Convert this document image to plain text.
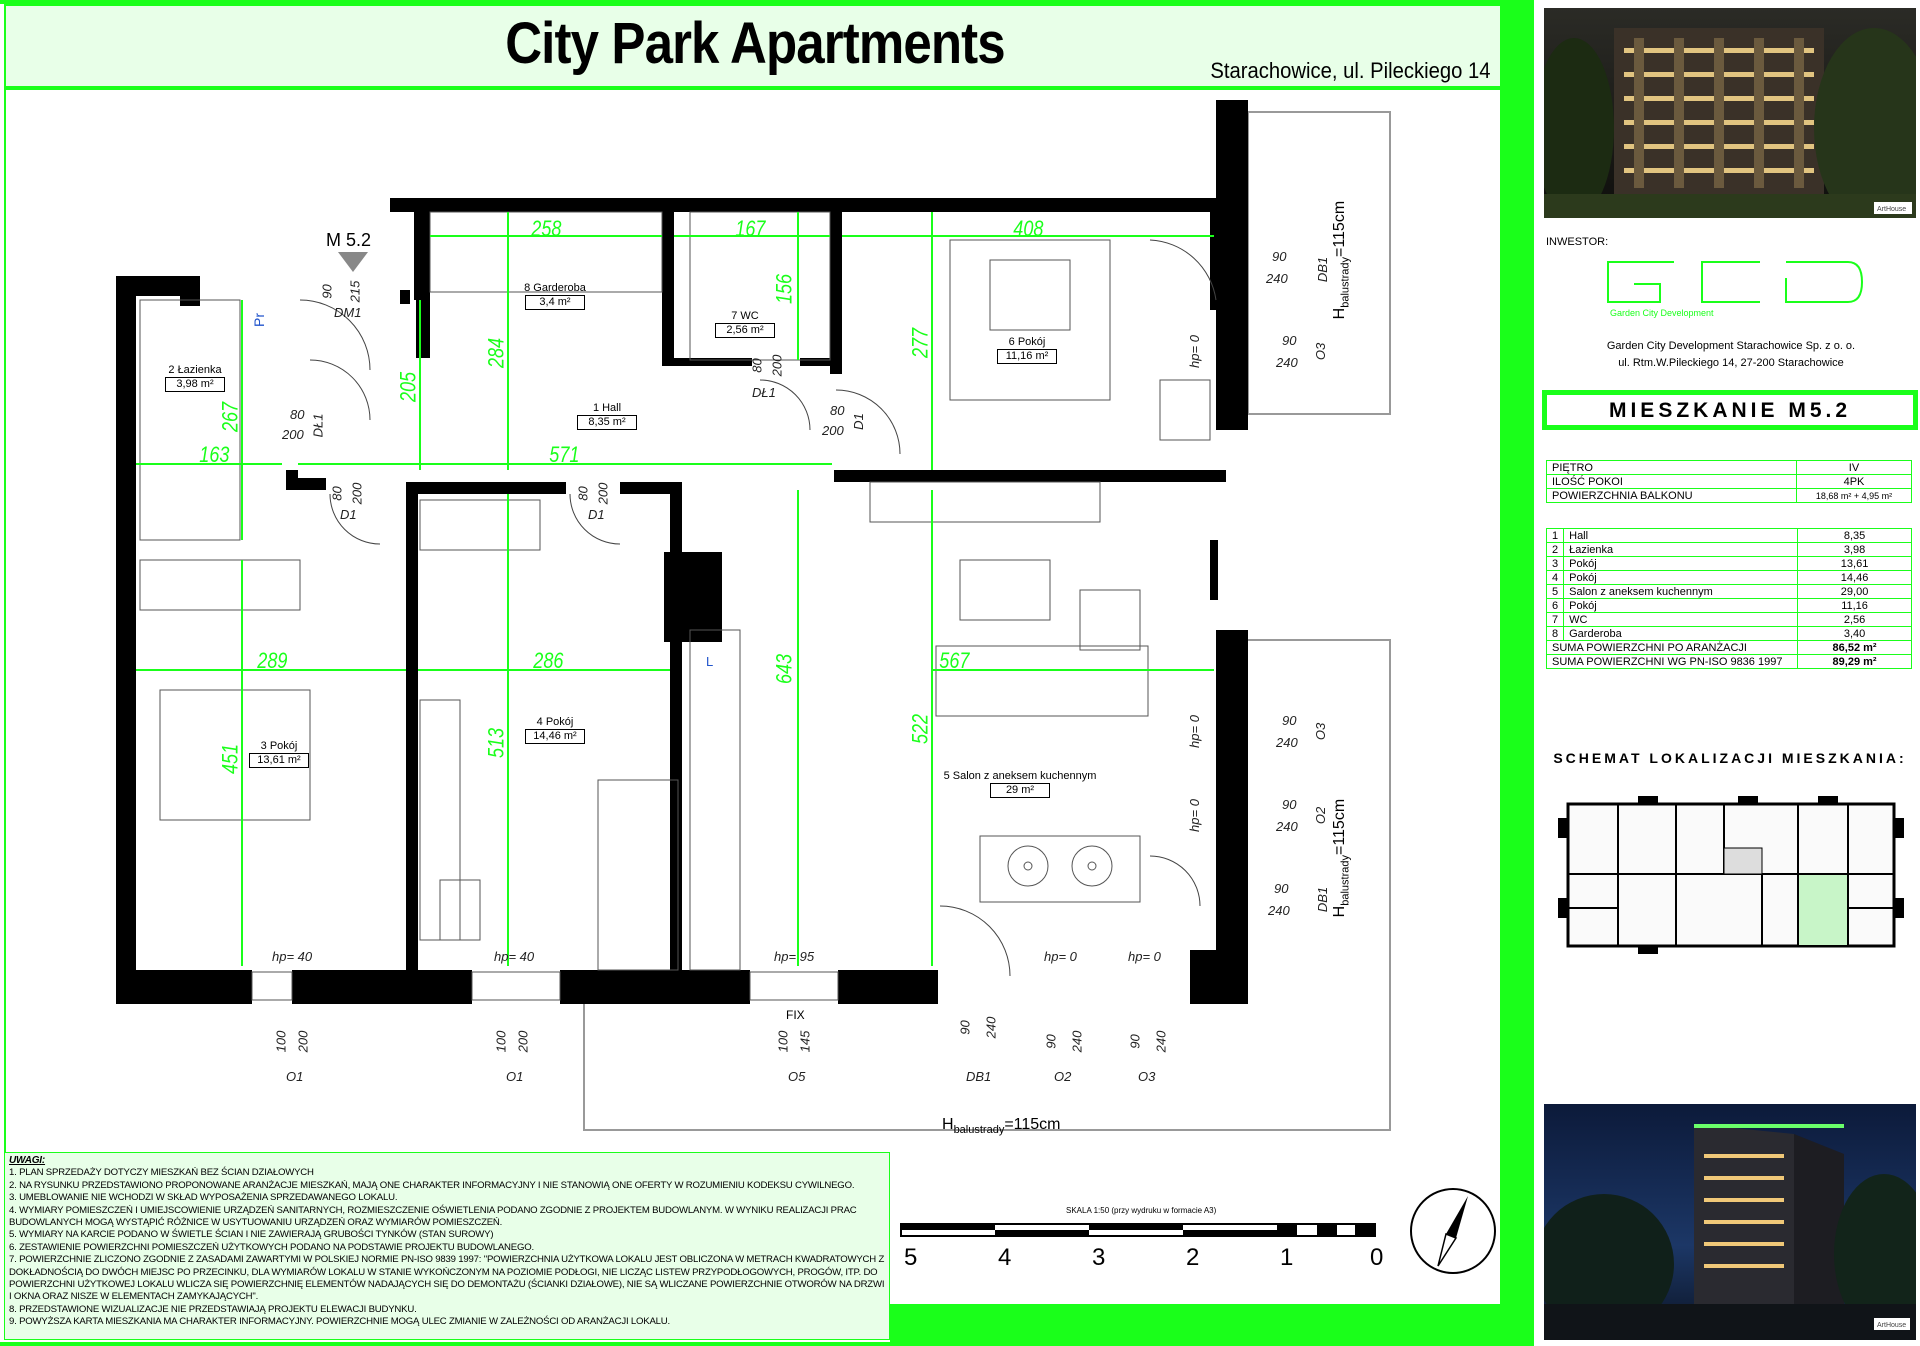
City Park Apartments	Starachowice, ul. Pileckiego 14
M 5.2
1 Hall
8,35 m²
2 Łazienka
3,98 m²
3 Pokój
13,61 m²
4 Pokój
14,46 m²
5 Salon z aneksem kuchennym
29 m²
6 Pokój
11,16 m²
7 WC
2,56 m²
8 Garderoba
3,4 m²
258	167	408
156
284
205
277
267
163	571
289	286	643	567
451
513	522
hp= 40	hp= 40	hp= 95	hp= 0	hp= 0
hp= 0
hp= 0
hp= 0
90 215
DM1
80
200 DŁ1
80 200
DŁ1
80
200
D1
80 200
D1
80 200
D1
Pr
L
FIX
90
240 DB1
90
240
O3
90
240
O3
90
240
O2
90
240 DB1
100 200
O1
100 200
O1
100 145
O5
90 240
DB1
90 240
O2
90 240
O3
$H_{balustrady}=115cm$
$H_{balustrady}=115cm$
$H_{balustrady}=115cm$
UWAGI:
1. PLAN SPRZEDAŻY DOTYCZY MIESZKAŃ BEZ ŚCIAN DZIAŁOWYCH
2. NA RYSUNKU PRZEDSTAWIONO PROPONOWANE ARANŻACJE MIESZKAŃ, MAJĄ ONE CHARAKTER INFORMACYJNY I NIE STANOWIĄ ONE OFERTY W ROZUMIENIU KODEKSU CYWILNEGO.
3. UMEBLOWANIE NIE WCHODZI W SKŁAD WYPOSAŻENIA SPRZEDAWANEGO LOKALU.
4. WYMIARY POMIESZCZEŃ I UMIEJSCOWIENIE URZĄDZEŃ SANITARNYCH, ROZMIESZCZENIE OŚWIETLENIA PODANO ZGODNIE Z PROJEKTEM BUDOWLANYM. W WYNIKU REALIZACJI PRAC BUDOWLANYCH MOGĄ WYSTĄPIĆ RÓŻNICE W USYTUOWANIU URZĄDZEŃ ORAZ WYMIARÓW POMIESZCZEŃ.
5. WYMIARY NA KARCIE PODANO W ŚWIETLE ŚCIAN I NIE ZAWIERAJĄ GRUBOŚCI TYNKÓW (STAN SUROWY)
6. ZESTAWIENIE POWIERZCHNI POMIESZCZEŃ UŻYTKOWYCH PODANO NA PODSTAWIE PROJEKTU BUDOWLANEGO.
7. POWIERZCHNIE ZLICZONO ZGODNIE Z ZASADAMI ZAWARTYMI W POLSKIEJ NORMIE PN-ISO 9839 1997: "POWIERZCHNIA UŻYTKOWA LOKALU JEST OBLICZONA W METRACH KWADRATOWYCH Z DOKŁADNOŚCIĄ DO DWÓCH MIEJSC PO PRZECINKU, DLA WYMIARÓW LOKALU W STANIE WYKOŃCZONYM NA POZIOMIE PODŁOGI, NIE LICZĄC LISTEW PRZYPODŁOGOWYCH, PROGÓW, ITP. DO POWIERZCHNI UŻYTKOWEJ LOKALU WLICZA SIĘ POWIERZCHNIĘ ELEMENTÓW NADAJĄCYCH SIĘ DO DEMONTAŻU (ŚCIANKI DZIAŁOWE), NIE SĄ WLICZANE POWIERZCHNIE OTWORÓW NA DRZWI I OKNA ORAZ NISZE W ELEMENTACH ZAMYKAJĄCYCH".
8. PRZEDSTAWIONE WIZUALIZACJE NIE PRZEDSTAWIAJĄ PROJEKTU ELEWACJI BUDYNKU.
9. POWYŻSZA KARTA MIESZKANIA MA CHARAKTER INFORMACYJNY. POWIERZCHNIE MOGĄ ULEC ZMIANIE W ZALEŻNOŚCI OD ARANŻACJI LOKALU.
SKALA 1:50 (przy wydruku w formacie A3)
5	4	3	2	1	0
ArtHouse
INWESTOR:
Garden City Development
Garden City Development Starachowice Sp. z o. o.
ul. Rtm.W.Pileckiego 14, 27-200 Starachowice
MIESZKANIE M5.2
PIĘTRO	IV
ILOŚĆ POKOI	4PK
POWIERZCHNIA BALKONU	18,68 m² + 4,95 m²
1	Hall	8,35
2	Łazienka	3,98
3	Pokój	13,61
4	Pokój	14,46
5	Salon z aneksem kuchennym	29,00
6	Pokój	11,16
7	WC	2,56
8	Garderoba	3,40
SUMA POWIERZCHNI PO ARANŻACJI		86,52 m²
SUMA POWIERZCHNI WG PN-ISO 9836 1997		89,29 m²
SCHEMAT LOKALIZACJI MIESZKANIA:
ArtHouse
